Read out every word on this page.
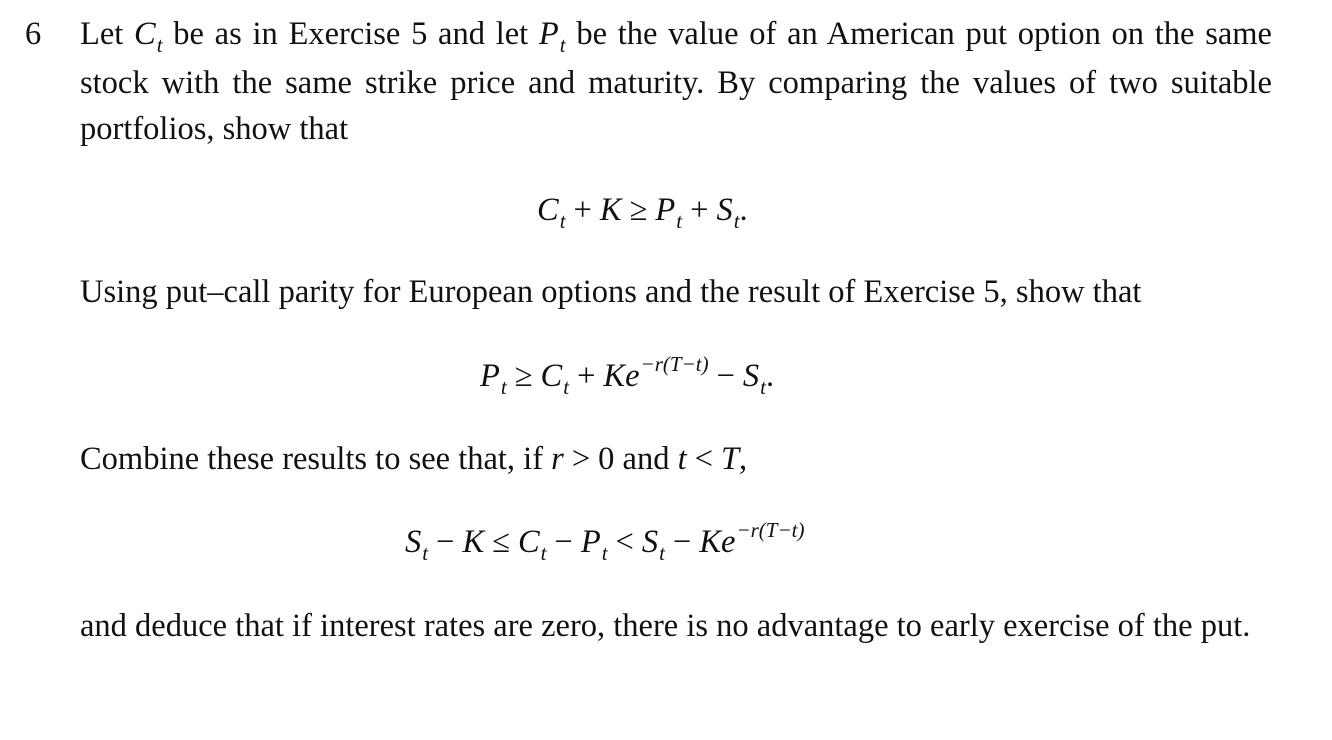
6 Let $C_t$ be as in Exercise 5 and let $P_t$ be the value of an American put option on the same stock with the same strike price and maturity. By comparing the values of two suitable portfolios, show that

$C_t + K \ge P_t + S_t$.

Using put–call parity for European options and the result of Exercise 5, show that

$P_t \ge C_t + Ke^{-r(T-t)} - S_t$.

Combine these results to see that, if r > 0 and t < T,

$S_t - K \le C_t - P_t < S_t - Ke^{-r(T-t)}$

and deduce that if interest rates are zero, there is no advantage to early exercise of the put.
